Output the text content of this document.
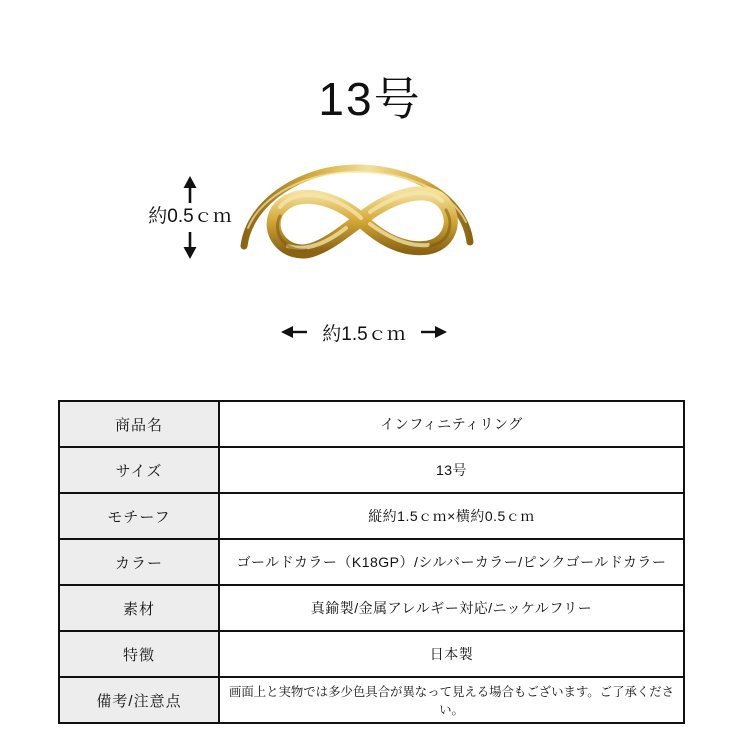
13号
約0.5ｃｍ
約1.5ｃｍ
商品名	インフィニティリング
サイズ	13号
モチーフ	縦約1.5ｃｍ×横約0.5ｃｍ
カラー	ゴールドカラー（K18GP）/シルバーカラー/ピンクゴールドカラー
素材	真鍮製/金属アレルギー対応/ニッケルフリー
特徴	日本製
備考/注意点	画面上と実物では多少色具合が異なって見える場合もございます。ご了承ください。
